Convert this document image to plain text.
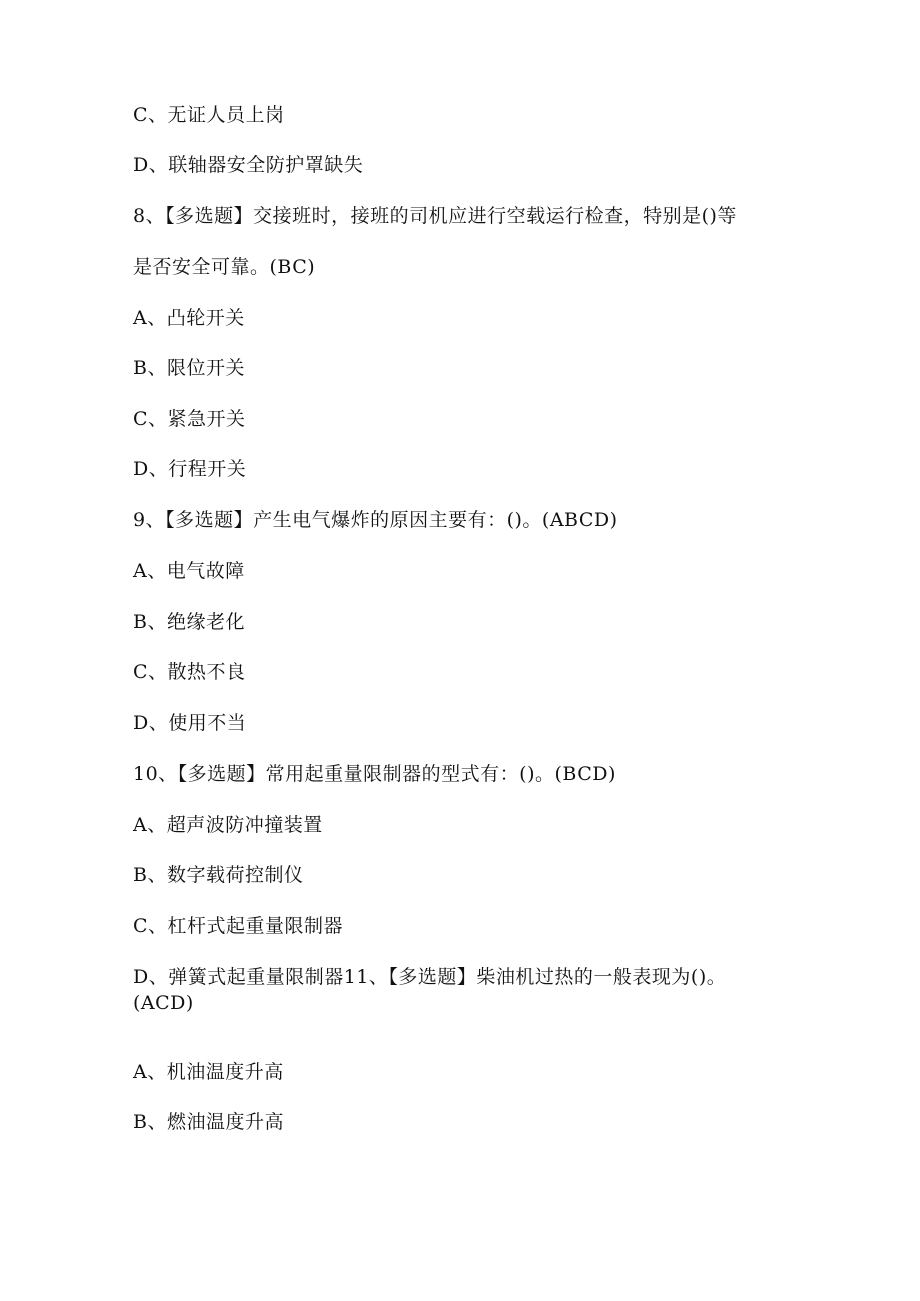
C、无证人员上岗
D、联轴器安全防护罩缺失
8、【多选题】交接班时，接班的司机应进行空载运行检查，特别是()等
是否安全可靠。(BC)
A、凸轮开关
B、限位开关
C、紧急开关
D、行程开关
9、【多选题】产生电气爆炸的原因主要有：()。(ABCD)
A、电气故障
B、绝缘老化
C、散热不良
D、使用不当
10、【多选题】常用起重量限制器的型式有：()。(BCD)
A、超声波防冲撞装置
B、数字载荷控制仪
C、杠杆式起重量限制器
D、弹簧式起重量限制器11、【多选题】柴油机过热的一般表现为()。
(ACD)
A、机油温度升高
B、燃油温度升高
